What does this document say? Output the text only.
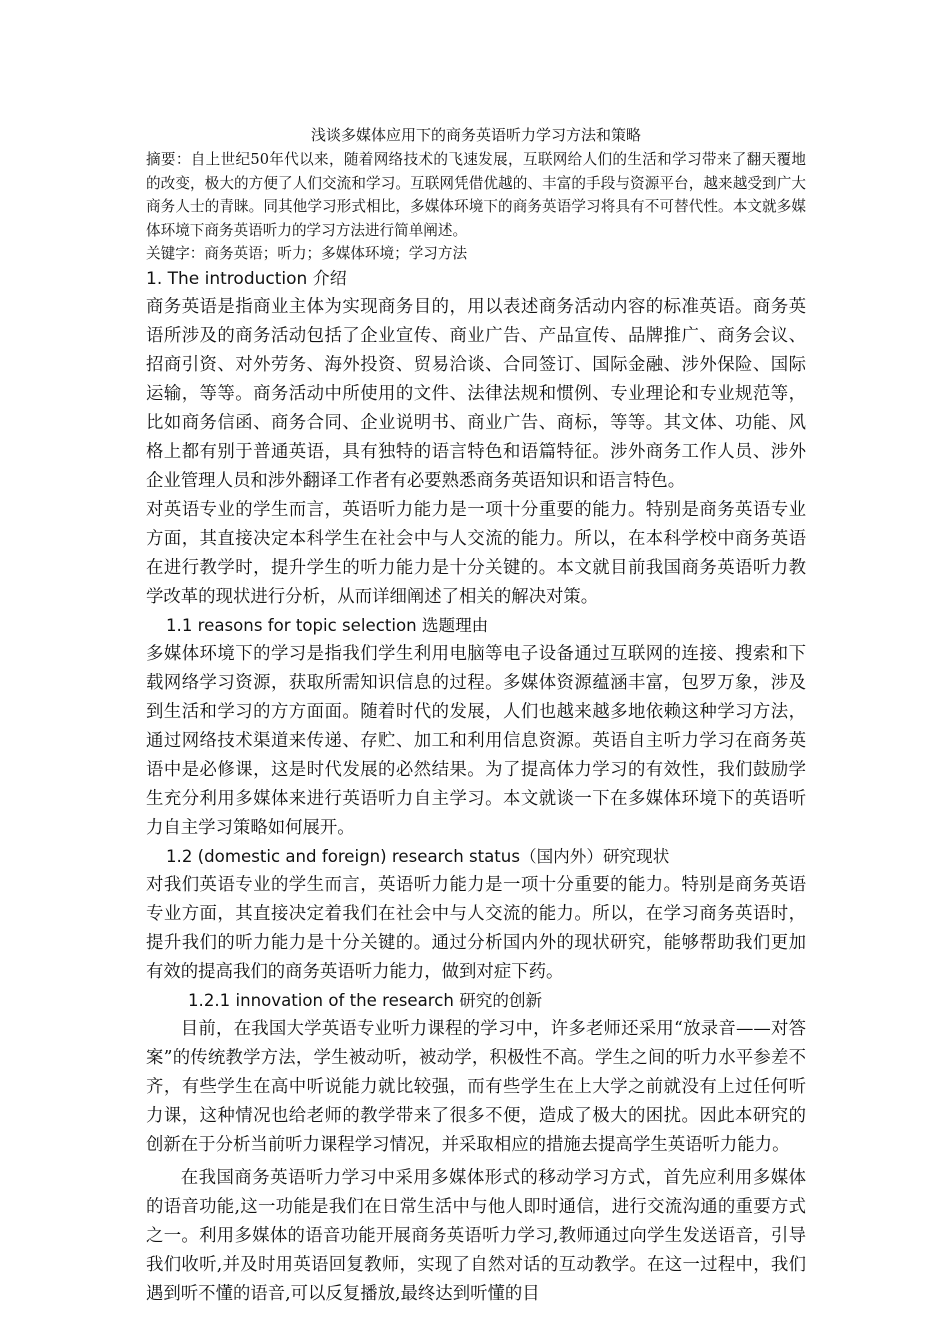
浅谈多媒体应用下的商务英语听力学习方法和策略

摘要：自上世纪50年代以来，随着网络技术的飞速发展，互联网给人们的生活和学习带来了翻天覆地的改变，极大的方便了人们交流和学习。互联网凭借优越的、丰富的手段与资源平台，越来越受到广大商务人士的青睐。同其他学习形式相比，多媒体环境下的商务英语学习将具有不可替代性。本文就多媒体环境下商务英语听力的学习方法进行简单阐述。

关键字：商务英语；听力；多媒体环境；学习方法

1. The introduction 介绍

商务英语是指商业主体为实现商务目的，用以表述商务活动内容的标准英语。商务英语所涉及的商务活动包括了企业宣传、商业广告、产品宣传、品牌推广、商务会议、招商引资、对外劳务、海外投资、贸易洽谈、合同签订、国际金融、涉外保险、国际运输，等等。商务活动中所使用的文件、法律法规和惯例、专业理论和专业规范等，比如商务信函、商务合同、企业说明书、商业广告、商标，等等。其文体、功能、风格上都有别于普通英语，具有独特的语言特色和语篇特征。涉外商务工作人员、涉外企业管理人员和涉外翻译工作者有必要熟悉商务英语知识和语言特色。

对英语专业的学生而言，英语听力能力是一项十分重要的能力。特别是商务英语专业方面，其直接决定本科学生在社会中与人交流的能力。所以，在本科学校中商务英语在进行教学时，提升学生的听力能力是十分关键的。本文就目前我国商务英语听力教学改革的现状进行分析，从而详细阐述了相关的解决对策。

1.1 reasons for topic selection 选题理由

多媒体环境下的学习是指我们学生利用电脑等电子设备通过互联网的连接、搜索和下载网络学习资源，获取所需知识信息的过程。多媒体资源蕴涵丰富，包罗万象，涉及到生活和学习的方方面面。随着时代的发展，人们也越来越多地依赖这种学习方法，通过网络技术渠道来传递、存贮、加工和利用信息资源。英语自主听力学习在商务英语中是必修课，这是时代发展的必然结果。为了提高体力学习的有效性，我们鼓励学生充分利用多媒体来进行英语听力自主学习。本文就谈一下在多媒体环境下的英语听力自主学习策略如何展开。

1.2 (domestic and foreign) research status（国内外）研究现状

对我们英语专业的学生而言，英语听力能力是一项十分重要的能力。特别是商务英语专业方面，其直接决定着我们在社会中与人交流的能力。所以，在学习商务英语时，提升我们的听力能力是十分关键的。通过分析国内外的现状研究，能够帮助我们更加有效的提高我们的商务英语听力能力，做到对症下药。

1.2.1 innovation of the research 研究的创新

目前，在我国大学英语专业听力课程的学习中，许多老师还采用“放录音——对答案”的传统教学方法，学生被动听，被动学，积极性不高。学生之间的听力水平参差不齐，有些学生在高中听说能力就比较强，而有些学生在上大学之前就没有上过任何听力课，这种情况也给老师的教学带来了很多不便，造成了极大的困扰。因此本研究的创新在于分析当前听力课程学习情况，并采取相应的措施去提高学生英语听力能力。

在我国商务英语听力学习中采用多媒体形式的移动学习方式，首先应利用多媒体的语音功能,这一功能是我们在日常生活中与他人即时通信，进行交流沟通的重要方式之一。利用多媒体的语音功能开展商务英语听力学习,教师通过向学生发送语音，引导我们收听,并及时用英语回复教师，实现了自然对话的互动教学。在这一过程中，我们遇到听不懂的语音,可以反复播放,最终达到听懂的目
